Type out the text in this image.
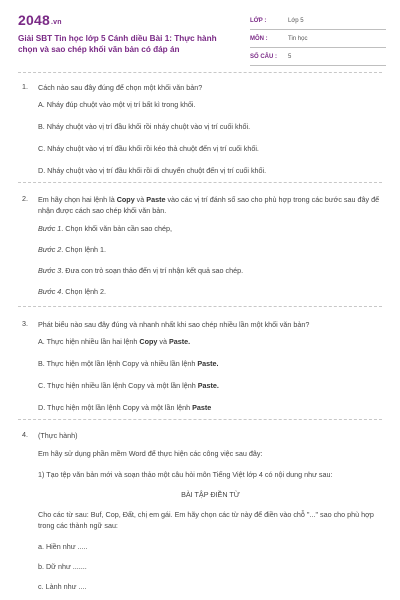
2048.vn
Giải SBT Tin học lớp 5 Cánh diều Bài 1: Thực hành chọn và sao chép khối văn bản có đáp án
LỚP :	Lớp 5
MÔN :	Tin học
SỐ CÂU :	5
1. Cách nào sau đây đúng để chọn một khối văn bản?
A. Nháy đúp chuột vào một vị trí bất kì trong khối.
B. Nháy chuột vào vị trí đầu khối rồi nháy chuột vào vị trí cuối khối.
C. Nháy chuột vào vị trí đầu khối rồi kéo thả chuột đến vị trí cuối khối.
D. Nháy chuột vào vị trí đầu khối rồi di chuyển chuột đến vị trí cuối khối.
2. Em hãy chọn hai lệnh là Copy và Paste vào các vị trí đánh số sao cho phù hợp trong các bước sau đây để nhận được cách sao chép khối văn bản.
Bước 1. Chọn khối văn bản cần sao chép,
Bước 2. Chọn lệnh 1.
Bước 3. Đưa con trỏ soạn thảo đến vị trí nhận kết quả sao chép.
Bước 4. Chọn lệnh 2.
3. Phát biểu nào sau đây đúng và nhanh nhất khi sao chép nhiều lần một khối văn bản?
A. Thực hiện nhiều lần hai lệnh Copy và Paste.
B. Thực hiện một lần lệnh Copy và nhiều lần lệnh Paste.
C. Thực hiện nhiều lần lệnh Copy và một lần lệnh Paste.
D. Thực hiện một lần lệnh Copy và một lần lệnh Paste
4. (Thực hành)
Em hãy sử dụng phần mềm Word để thực hiện các công việc sau đây:
1) Tạo tệp văn bản mới và soạn thảo một câu hỏi môn Tiếng Việt lớp 4 có nội dung như sau:
BÀI TẬP ĐIỀN TỪ
Cho các từ sau: Buf, Cop, Đất, chị em gái. Em hãy chọn các từ này để điền vào chỗ "..." sao cho phù hợp trong các thành ngữ sau:
a. Hiền như .....
b. Dữ như .......
c. Lành như ....
